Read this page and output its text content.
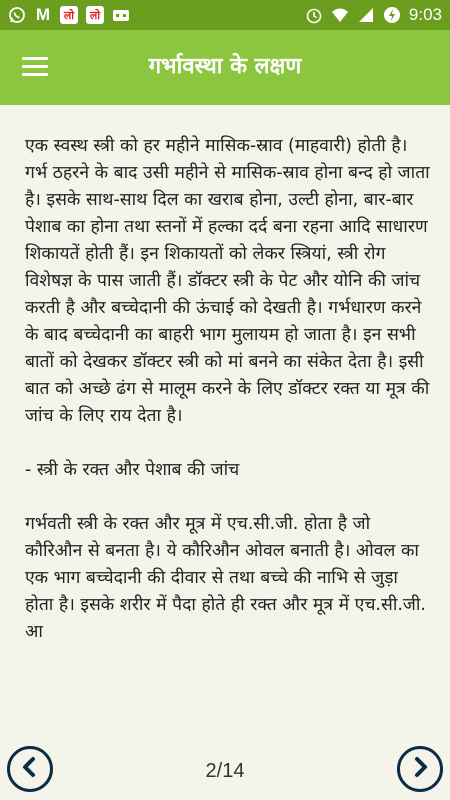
M	लो	लो	9:03
गर्भावस्था के लक्षण

एक स्वस्थ स्त्री को हर महीने मासिक-स्राव (माहवारी) होती है। गर्भ ठहरने के बाद उसी महीने से मासिक-स्राव होना बन्द हो जाता है। इसके साथ-साथ दिल का खराब होना, उल्टी होना, बार-बार पेशाब का होना तथा स्तनों में हल्का दर्द बना रहना आदि साधारण शिकायतें होती हैं। इन शिकायतों को लेकर स्त्रियां, स्त्री रोग विशेषज्ञ के पास जाती हैं। डॉक्टर स्त्री के पेट और योनि की जांच करती है और बच्चेदानी की ऊंचाई को देखती है। गर्भधारण करने के बाद बच्चेदानी का बाहरी भाग मुलायम हो जाता है। इन सभी बातों को देखकर डॉक्टर स्त्री को मां बनने का संकेत देता है। इसी बात को अच्छे ढंग से मालूम करने के लिए डॉक्टर रक्त या मूत्र की जांच के लिए राय देता है।

- स्त्री के रक्त और पेशाब की जांच

गर्भवती स्त्री के रक्त और मूत्र में एच.सी.जी. होता है जो कौरिऔन से बनता है। ये कौरिऔन ओवल बनाती है। ओवल का एक भाग बच्चेदानी की दीवार से तथा बच्चे की नाभि से जुड़ा होता है। इसके शरीर में पैदा होते ही रक्त और मूत्र में एच.सी.जी. आ

2/14
